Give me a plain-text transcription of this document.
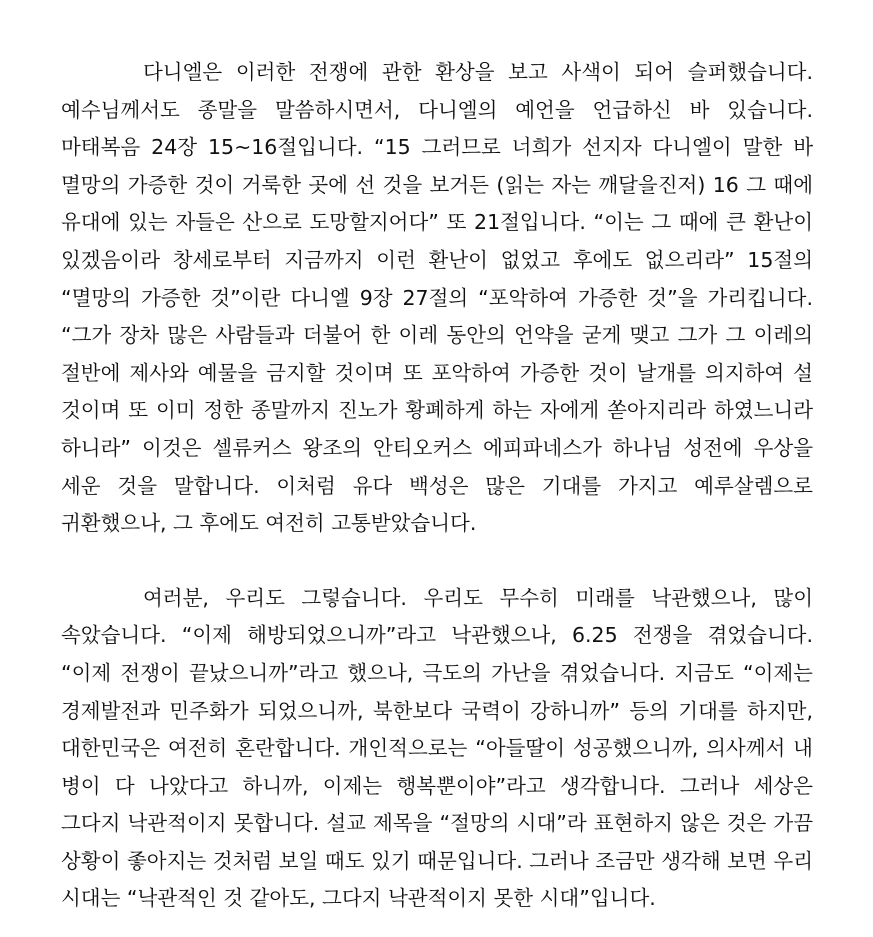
다니엘은 이러한 전쟁에 관한 환상을 보고 사색이 되어 슬퍼했습니다. 예수님께서도 종말을 말씀하시면서, 다니엘의 예언을 언급하신 바 있습니다. 마태복음 24장 15~16절입니다. “15 그러므로 너희가 선지자 다니엘이 말한 바 멸망의 가증한 것이 거룩한 곳에 선 것을 보거든 (읽는 자는 깨달을진저) 16 그 때에 유대에 있는 자들은 산으로 도망할지어다” 또 21절입니다. “이는 그 때에 큰 환난이 있겠음이라 창세로부터 지금까지 이런 환난이 없었고 후에도 없으리라” 15절의 “멸망의 가증한 것”이란 다니엘 9장 27절의 “포악하여 가증한 것”을 가리킵니다. “그가 장차 많은 사람들과 더불어 한 이레 동안의 언약을 굳게 맺고 그가 그 이레의 절반에 제사와 예물을 금지할 것이며 또 포악하여 가증한 것이 날개를 의지하여 설 것이며 또 이미 정한 종말까지 진노가 황폐하게 하는 자에게 쏟아지리라 하였느니라 하니라” 이것은 셀류커스 왕조의 안티오커스 에피파네스가 하나님 성전에 우상을 세운 것을 말합니다. 이처럼 유다 백성은 많은 기대를 가지고 예루살렘으로 귀환했으나, 그 후에도 여전히 고통받았습니다.

여러분, 우리도 그렇습니다. 우리도 무수히 미래를 낙관했으나, 많이 속았습니다. “이제 해방되었으니까”라고 낙관했으나, 6.25 전쟁을 겪었습니다. “이제 전쟁이 끝났으니까”라고 했으나, 극도의 가난을 겪었습니다. 지금도 “이제는 경제발전과 민주화가 되었으니까, 북한보다 국력이 강하니까” 등의 기대를 하지만, 대한민국은 여전히 혼란합니다. 개인적으로는 “아들딸이 성공했으니까, 의사께서 내 병이 다 나았다고 하니까, 이제는 행복뿐이야”라고 생각합니다. 그러나 세상은 그다지 낙관적이지 못합니다. 설교 제목을 “절망의 시대”라 표현하지 않은 것은 가끔 상황이 좋아지는 것처럼 보일 때도 있기 때문입니다. 그러나 조금만 생각해 보면 우리 시대는 “낙관적인 것 같아도, 그다지 낙관적이지 못한 시대”입니다.
